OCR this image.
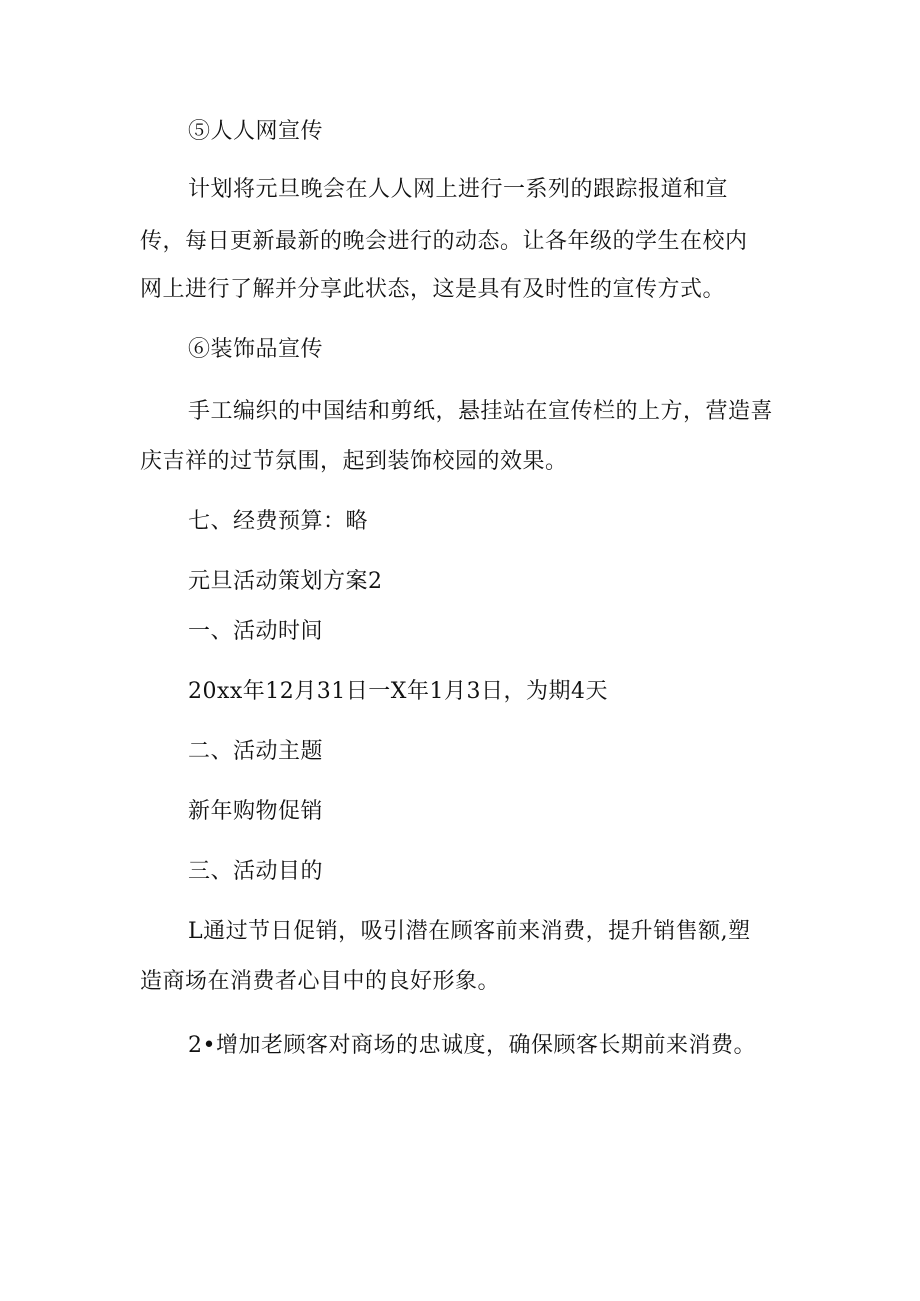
⑤人人网宣传
计划将元旦晚会在人人网上进行一系列的跟踪报道和宣
传，每日更新最新的晚会进行的动态。让各年级的学生在校内
网上进行了解并分享此状态，这是具有及时性的宣传方式。
⑥装饰品宣传
手工编织的中国结和剪纸，悬挂站在宣传栏的上方，营造喜
庆吉祥的过节氛围，起到装饰校园的效果。
七、经费预算：略
元旦活动策划方案2
一、活动时间
20xx年12月31日一X年1月3日，为期4天
二、活动主题
新年购物促销
三、活动目的
L通过节日促销，吸引潜在顾客前来消费，提升销售额,塑
造商场在消费者心目中的良好形象。
2•增加老顾客对商场的忠诚度，确保顾客长期前来消费。
